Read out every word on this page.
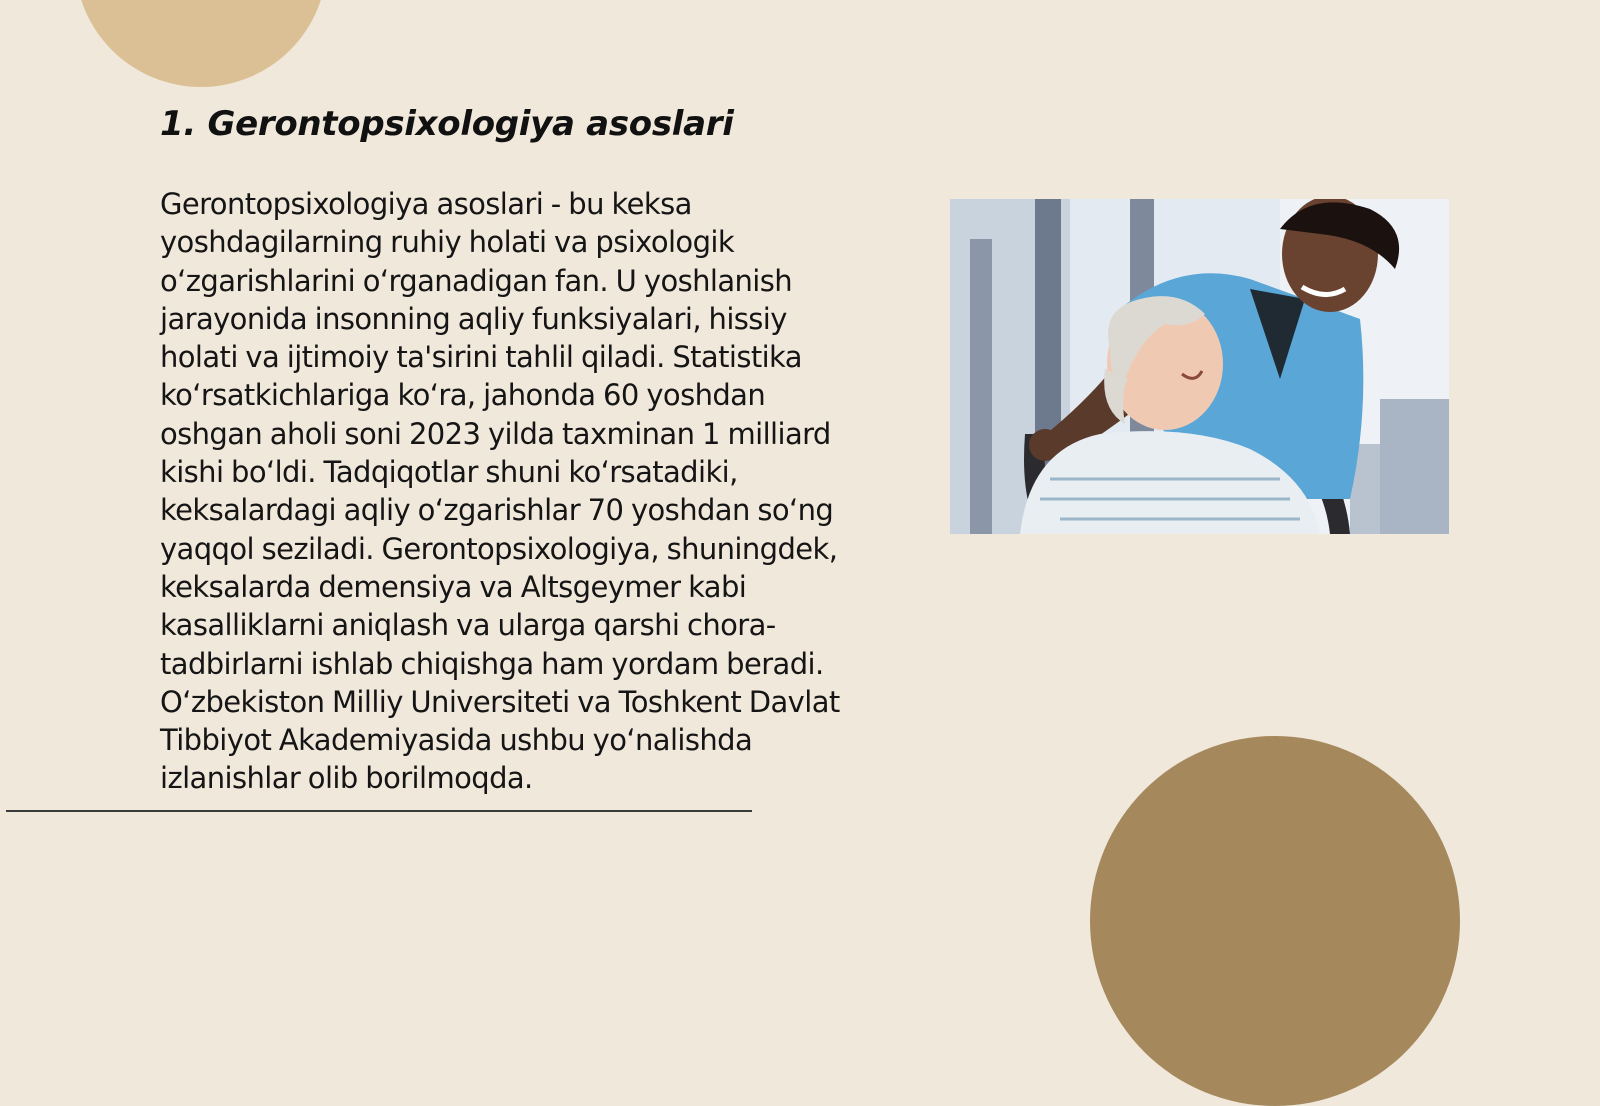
1. Gerontopsixologiya asoslari

Gerontopsixologiya asoslari - bu keksa yoshdagilarning ruhiy holati va psixologik oʻzgarishlarini oʻrganadigan fan. U yoshlanish jarayonida insonning aqliy funksiyalari, hissiy holati va ijtimoiy ta'sirini tahlil qiladi. Statistika koʻrsatkichlariga koʻra, jahonda 60 yoshdan oshgan aholi soni 2023 yilda taxminan 1 milliard kishi boʻldi. Tadqiqotlar shuni koʻrsatadiki, keksalardagi aqliy oʻzgarishlar 70 yoshdan soʻng yaqqol seziladi. Gerontopsixologiya, shuningdek, keksalarda demensiya va Altsgeymer kabi kasalliklarni aniqlash va ularga qarshi chora-tadbirlarni ishlab chiqishga ham yordam beradi. Oʻzbekiston Milliy Universiteti va Toshkent Davlat Tibbiyot Akademiyasida ushbu yoʻnalishda izlanishlar olib borilmoqda.
